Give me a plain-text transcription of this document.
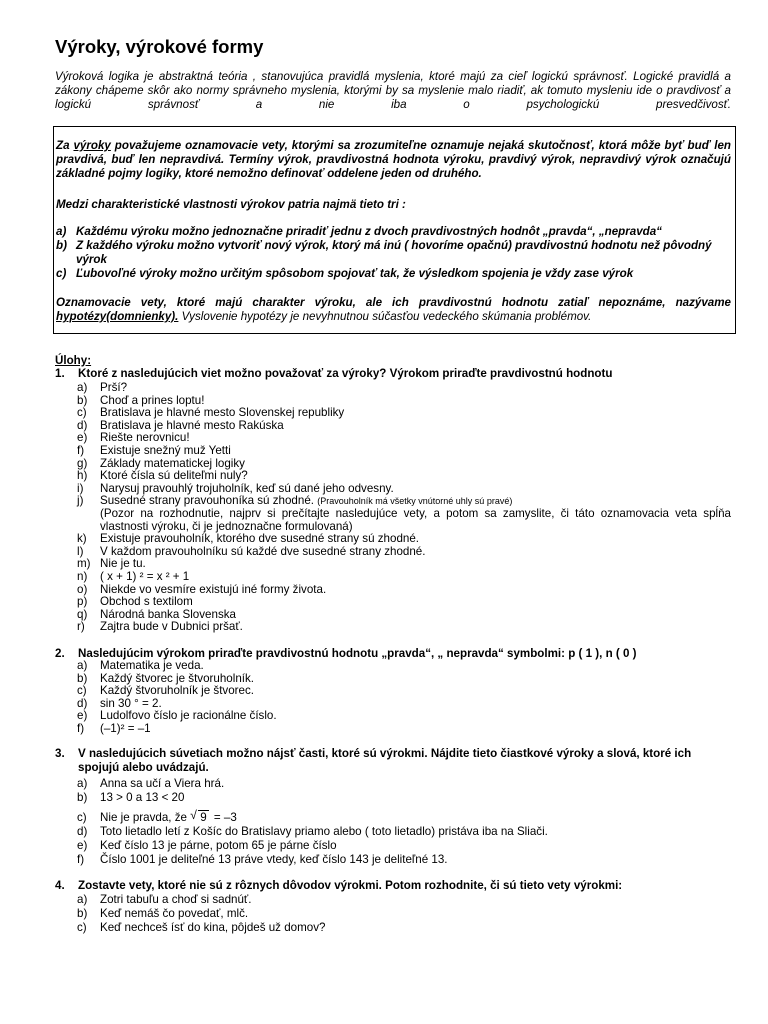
Výroky, výrokové formy

Výroková logika je abstraktná teória , stanovujúca pravidlá myslenia, ktoré majú za cieľ logickú správnosť. Logické pravidlá a zákony chápeme skôr ako normy správneho myslenia, ktorými by sa myslenie malo riadiť, ak tomuto mysleniu ide o pravdivosť a logickú správnosť a nie iba o psychologickú presvedčivosť.

Za výroky považujeme oznamovacie vety, ktorými sa zrozumiteľne oznamuje nejaká skutočnosť, ktorá môže byť buď len pravdivá, buď len nepravdivá. Termíny výrok, pravdivostná hodnota výroku, pravdivý výrok, nepravdivý výrok označujú základné pojmy logiky, ktoré nemožno definovať oddelene jeden od druhého.

Medzi charakteristické vlastnosti výrokov patria najmä tieto tri :

a) Každému výroku možno jednoznačne priradiť jednu z dvoch pravdivostných hodnôt „pravda“, „nepravda“
b) Z každého výroku možno vytvoriť nový výrok, ktorý má inú ( hovoríme opačnú) pravdivostnú hodnotu než pôvodný výrok
c) Ľubovoľné výroky možno určitým spôsobom spojovať tak, že výsledkom spojenia je vždy zase výrok

Oznamovacie vety, ktoré majú charakter výroku, ale ich pravdivostnú hodnotu zatiaľ nepoznáme, nazývame hypotézy(domnienky). Vyslovenie hypotézy je nevyhnutnou súčasťou vedeckého skúmania problémov.

Úlohy:
1.	Ktoré z nasledujúcich viet možno považovať za výroky? Výrokom priraďte pravdivostnú hodnotu
a) Prší?
b) Choď a prines loptu!
c) Bratislava je hlavné mesto Slovenskej republiky
d) Bratislava je hlavné mesto Rakúska
e) Riešte nerovnicu!
f) Existuje snežný muž Yetti
g) Základy matematickej logiky
h) Ktoré čísla sú deliteľmi nuly?
i) Narysuj pravouhlý trojuholník, keď sú dané jeho odvesny.
j) Susedné strany pravouhoníka sú zhodné. (Pravouholník má všetky vnútorné uhly sú pravé)
(Pozor na rozhodnutie, najprv si prečítajte nasledujúce vety, a potom sa zamyslite, či táto oznamovacia veta spĺňa vlastnosti výroku, či je jednoznačne formulovaná)
k) Existuje pravouholník, ktorého dve susedné strany sú zhodné.
l) V každom pravouholníku sú každé dve susedné strany zhodné.
m) Nie je tu.
n) ( x + 1) ² = x ² + 1
o) Niekde vo vesmíre existujú iné formy života.
p) Obchod s textilom
q) Národná banka Slovenska
r) Zajtra bude v Dubnici pršať.
2.	Nasledujúcim výrokom priraďte pravdivostnú hodnotu „pravda“, „ nepravda“ symbolmi: p ( 1 ), n ( 0 )
a) Matematika je veda.
b) Každý štvorec je štvoruholník.
c) Každý štvoruholník je štvorec.
d) sin 30 ° = 2.
e) Ludolfovo číslo je racionálne číslo.
f) (–1)² = –1
3.	V nasledujúcich súvetiach možno nájsť časti, ktoré sú výrokmi. Nájdite tieto čiastkové výroky a slová, ktoré ich spojujú alebo uvádzajú.
a) Anna sa učí a Viera hrá.
b) 13 > 0 a 13 < 20
c) Nie je pravda, že √ 9 = –3
d) Toto lietadlo letí z Košíc do Bratislavy priamo alebo ( toto lietadlo) pristáva iba na Sliači.
e) Keď číslo 13 je párne, potom 65 je párne číslo
f) Číslo 1001 je deliteľné 13 práve vtedy, keď číslo 143 je deliteľné 13.
4.	Zostavte vety, ktoré nie sú z rôznych dôvodov výrokmi. Potom rozhodnite, či sú tieto vety výrokmi:
a) Zotri tabuľu a choď si sadnúť.
b) Keď nemáš čo povedať, mlč.
c) Keď nechceš ísť do kina, pôjdeš už domov?
